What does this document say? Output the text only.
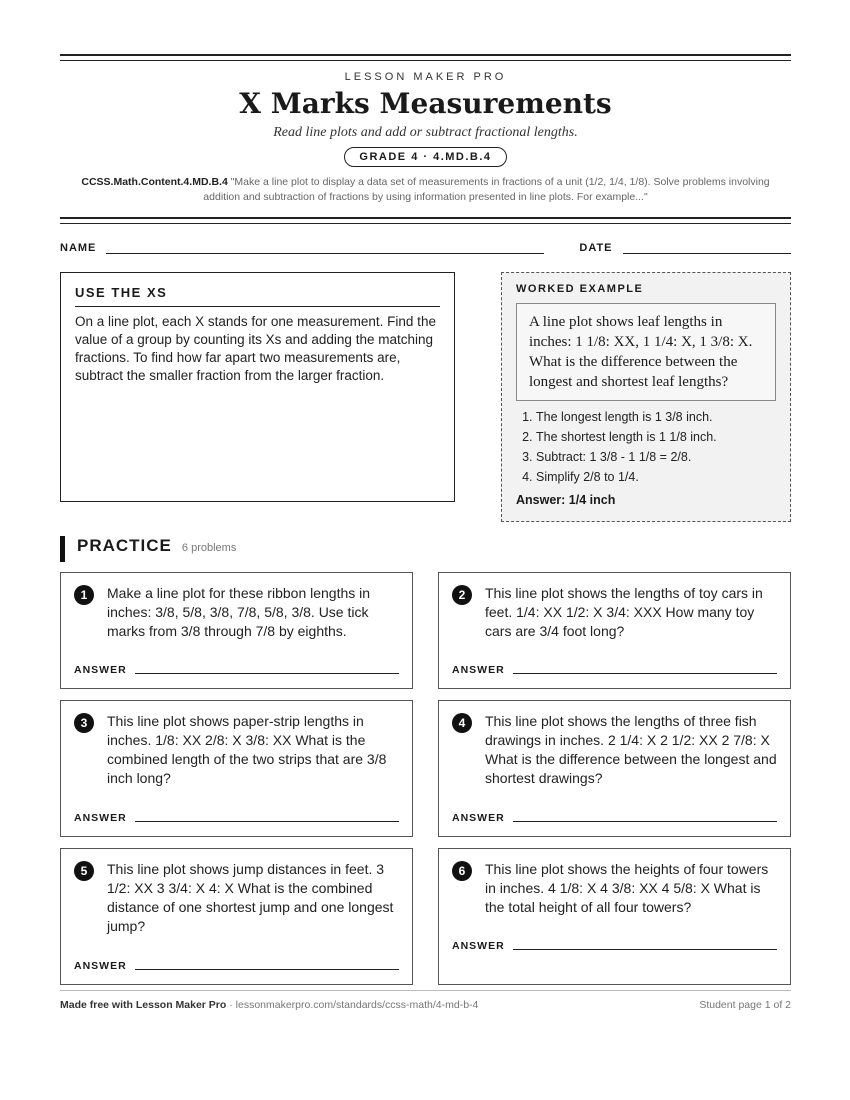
LESSON MAKER PRO
X Marks Measurements
Read line plots and add or subtract fractional lengths.
GRADE 4 · 4.MD.B.4
CCSS.Math.Content.4.MD.B.4 "Make a line plot to display a data set of measurements in fractions of a unit (1/2, 1/4, 1/8). Solve problems involving addition and subtraction of fractions by using information presented in line plots. For example..."
NAME	DATE
USE THE XS

On a line plot, each X stands for one measurement. Find the value of a group by counting its Xs and adding the matching fractions. To find how far apart two measurements are, subtract the smaller fraction from the larger fraction.

WORKED EXAMPLE
A line plot shows leaf lengths in inches: 1 1/8: XX, 1 1/4: X, 1 3/8: X. What is the difference between the longest and shortest leaf lengths?
1. The longest length is 1 3/8 inch.
2. The shortest length is 1 1/8 inch.
3. Subtract: 1 3/8 - 1 1/8 = 2/8.
4. Simplify 2/8 to 1/4.
Answer: 1/4 inch
PRACTICE 6 problems
1	Make a line plot for these ribbon lengths in inches: 3/8, 5/8, 3/8, 7/8, 5/8, 3/8. Use tick marks from 3/8 through 7/8 by eighths.
ANSWER
2	This line plot shows the lengths of toy cars in feet. 1/4: XX 1/2: X 3/4: XXX How many toy cars are 3/4 foot long?
ANSWER
3	This line plot shows paper-strip lengths in inches. 1/8: XX 2/8: X 3/8: XX What is the combined length of the two strips that are 3/8 inch long?
ANSWER
4	This line plot shows the lengths of three fish drawings in inches. 2 1/4: X 2 1/2: XX 2 7/8: X What is the difference between the longest and shortest drawings?
ANSWER
5	This line plot shows jump distances in feet. 3 1/2: XX 3 3/4: X 4: X What is the combined distance of one shortest jump and one longest jump?
ANSWER
6	This line plot shows the heights of four towers in inches. 4 1/8: X 4 3/8: XX 4 5/8: X What is the total height of all four towers?
ANSWER
Made free with Lesson Maker Pro · lessonmakerpro.com/standards/ccss-math/4-md-b-4	Student page 1 of 2
